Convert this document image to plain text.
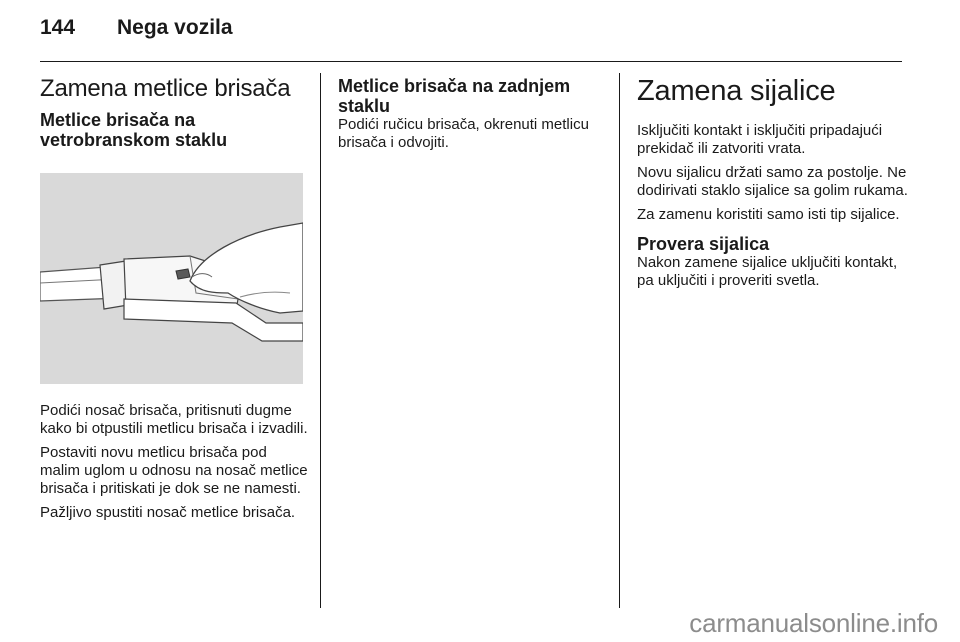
144 Nega vozila
Zamena metlice brisača
Metlice brisača na vetrobranskom staklu

Podići nosač brisača, pritisnuti dugme kako bi otpustili metlicu brisača i izvadili.

Postaviti novu metlicu brisača pod malim uglom u odnosu na nosač metlice brisača i pritiskati je dok se ne namesti.

Pažljivo spustiti nosač metlice brisača.

Metlice brisača na zadnjem staklu

Podići ručicu brisača, okrenuti metlicu brisača i odvojiti.

Zamena sijalice

Isključiti kontakt i isključiti pripadajući prekidač ili zatvoriti vrata.

Novu sijalicu držati samo za postolje. Ne dodirivati staklo sijalice sa golim rukama.

Za zamenu koristiti samo isti tip sijalice.

Provera sijalica

Nakon zamene sijalice uključiti kontakt, pa uključiti i proveriti svetla.

carmanualsonline.info
